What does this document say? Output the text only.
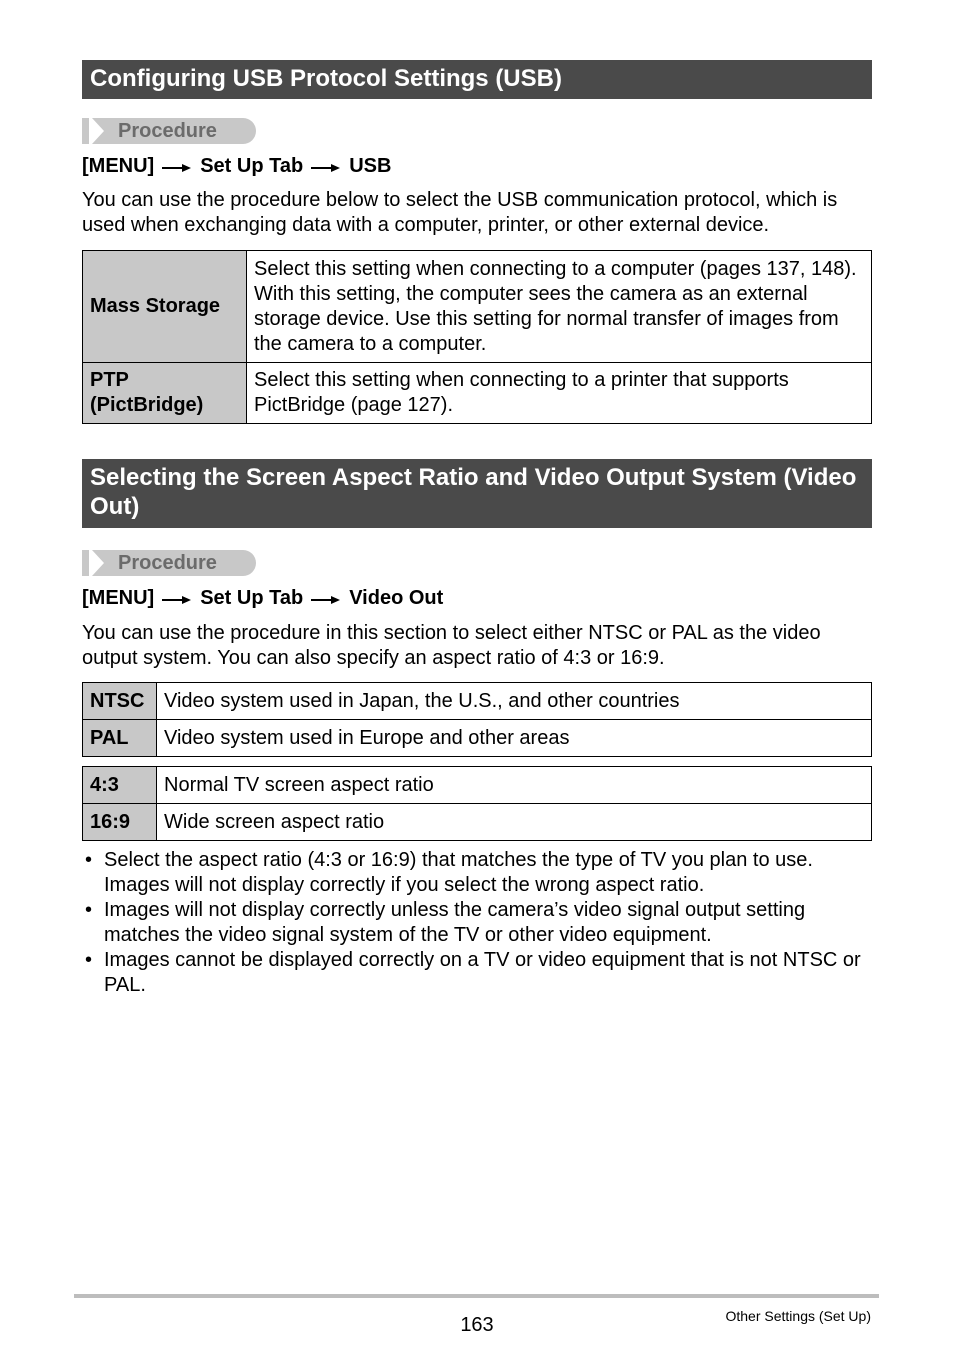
Configuring USB Protocol Settings (USB)
Procedure
[MENU] Set Up Tab USB

You can use the procedure below to select the USB communication protocol, which is used when exchanging data with a computer, printer, or other external device.

Mass Storage	Select this setting when connecting to a computer (pages 137, 148). With this setting, the computer sees the camera as an external storage device. Use this setting for normal transfer of images from the camera to a computer.
PTP (PictBridge)	Select this setting when connecting to a printer that supports PictBridge (page 127).
Selecting the Screen Aspect Ratio and Video Output System (Video Out)
Procedure
[MENU] Set Up Tab Video Out

You can use the procedure in this section to select either NTSC or PAL as the video output system. You can also specify an aspect ratio of 4:3 or 16:9.

NTSC	Video system used in Japan, the U.S., and other countries
PAL	Video system used in Europe and other areas
4:3	Normal TV screen aspect ratio
16:9	Wide screen aspect ratio
• Select the aspect ratio (4:3 or 16:9) that matches the type of TV you plan to use. Images will not display correctly if you select the wrong aspect ratio.
• Images will not display correctly unless the camera’s video signal output setting matches the video signal system of the TV or other video equipment.
• Images cannot be displayed correctly on a TV or video equipment that is not NTSC or PAL.
163	Other Settings (Set Up)
